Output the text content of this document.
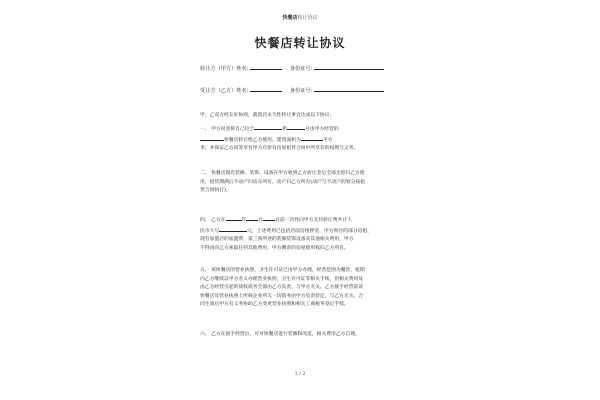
快餐店转让协议
快餐店转让协议
转让方（甲方）姓名:	身份证号:
受让方（乙方）姓名:	身份证号:
甲、乙双方经友好协商，就饭店永久性转让事宜达成以下协议：
一、 甲方同意将自己位于	街	号由甲方经营的
快餐店转让给乙方使用，建筑面积为	平方
米；并保证乙方同等享有甲方在原有房屋租赁合同中所享有的权利与义务。
二、 快餐店现有装修、装饰、设备在甲方收到乙方转让金后全部无偿归乙方使
用，租赁期满后不动产归房东所有，动产归乙方所有(动产与不动产的划分按租
赁合同执行)。
四、 乙方在	年	月	日前一次性向甲方支付转让费共计人
民币大写	元，上述费用已包括店面房租押金、甲方预付的部分房租、
现有加盟店的加盟费、第三条所述的装修装饰设备及其他相关费用，甲方
不得再向乙方索取任何其他费用，甲方剩余的房屋使用权归乙方所有。
五、 该快餐店的营业执照、卫生许可证已由甲方办理，经营范围为餐饮，租期
内乙方继续以甲方名义办理营业执照、卫生许可证等相关手续，但相关费用及
由乙方经营引起的债权债务全部由乙方负责，与甲方无关。乙方接手经营前该
快餐店及营业执照上所载企业所欠一切债务由甲方负责偿还，与乙方无关。合
同生效后甲方有义务协助乙方变更营业执照和相关工商税务登记手续。
六、 乙方在接手经营后，可对快餐店进行装修和改造，相关费用乙方自理。
1 / 2
